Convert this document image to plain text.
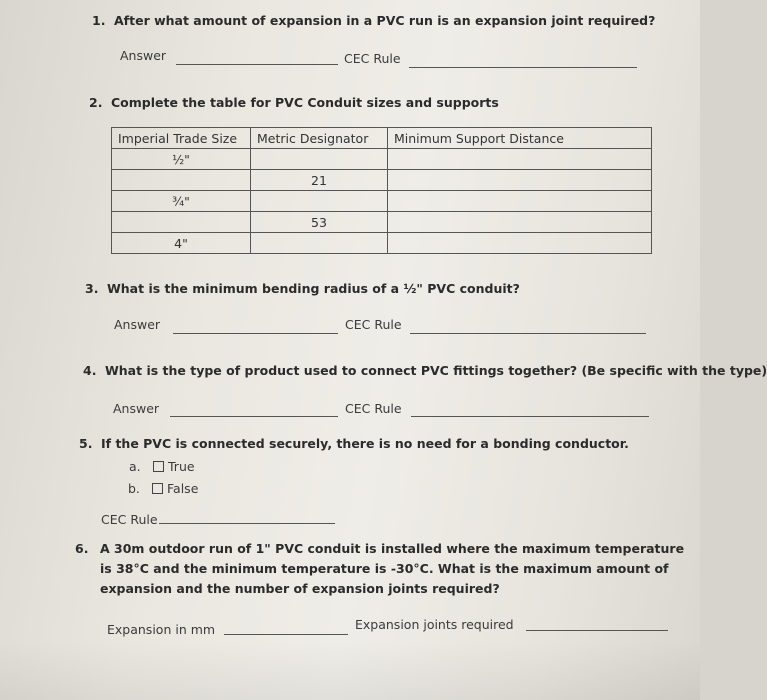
1. After what amount of expansion in a PVC run is an expansion joint required?
Answer	CEC Rule
2. Complete the table for PVC Conduit sizes and supports
Imperial Trade Size	Metric Designator	Minimum Support Distance
½"		
	21	
¾"		
	53	
4"		
3. What is the minimum bending radius of a ½" PVC conduit?
Answer	CEC Rule
4. What is the type of product used to connect PVC fittings together? (Be specific with the type)
Answer	CEC Rule
5. If the PVC is connected securely, there is no need for a bonding conductor.
a. True
b. False
CEC Rule
6. A 30m outdoor run of 1" PVC conduit is installed where the maximum temperature is 38°C and the minimum temperature is -30°C. What is the maximum amount of expansion and the number of expansion joints required?
Expansion in mm	Expansion joints required
